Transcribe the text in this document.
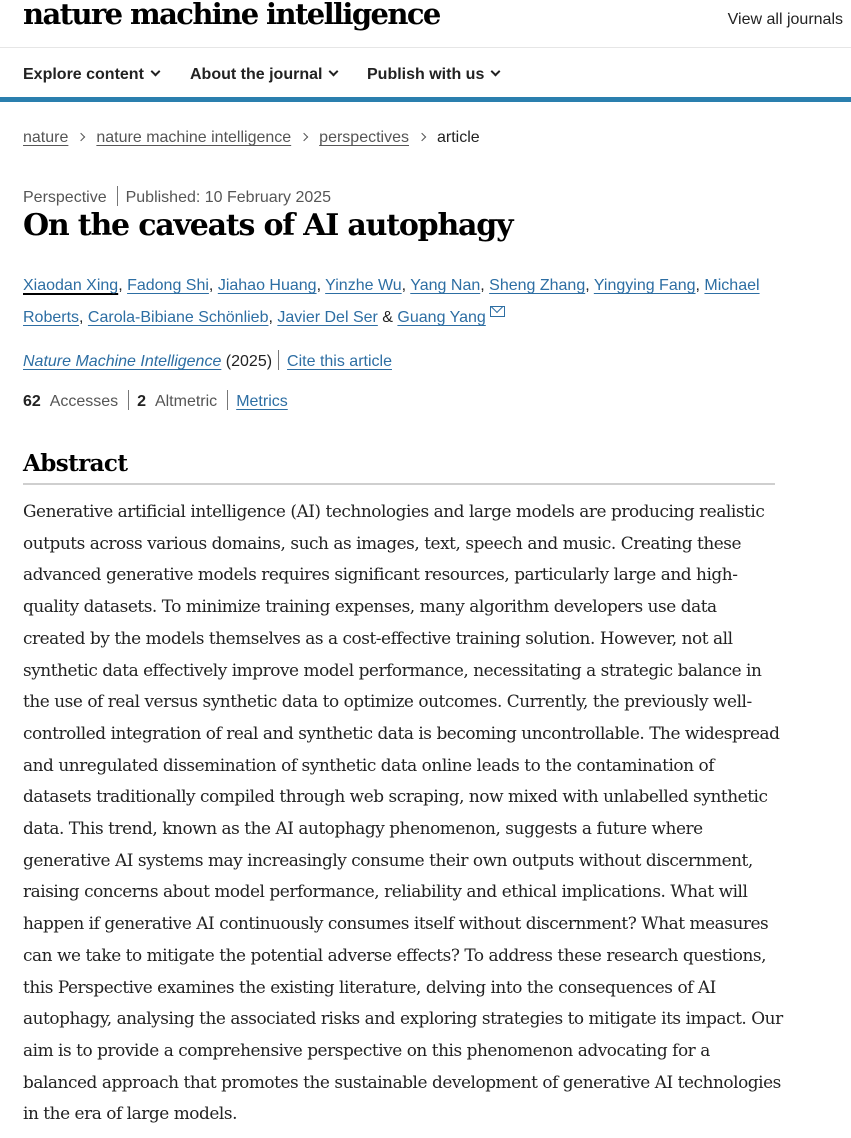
nature machine intelligence	View all journals
Explore content	About the journal	Publish with us
nature nature machine intelligence perspectives article
Perspective Published: 10 February 2025
On the caveats of AI autophagy
Xiaodan Xing, Fadong Shi, Jiahao Huang, Yinzhe Wu, Yang Nan, Sheng Zhang, Yingying Fang, Michael Roberts, Carola-Bibiane Schönlieb, Javier Del Ser & Guang Yang
Nature Machine Intelligence (2025) Cite this article
62 Accesses 2 Altmetric Metrics
Abstract

Generative artificial intelligence (AI) technologies and large models are producing realistic outputs across various domains, such as images, text, speech and music. Creating these advanced generative models requires significant resources, particularly large and high-quality datasets. To minimize training expenses, many algorithm developers use data created by the models themselves as a cost-effective training solution. However, not all synthetic data effectively improve model performance, necessitating a strategic balance in the use of real versus synthetic data to optimize outcomes. Currently, the previously well-controlled integration of real and synthetic data is becoming uncontrollable. The widespread and unregulated dissemination of synthetic data online leads to the contamination of datasets traditionally compiled through web scraping, now mixed with unlabelled synthetic data. This trend, known as the AI autophagy phenomenon, suggests a future where generative AI systems may increasingly consume their own outputs without discernment, raising concerns about model performance, reliability and ethical implications. What will happen if generative AI continuously consumes itself without discernment? What measures can we take to mitigate the potential adverse effects? To address these research questions, this Perspective examines the existing literature, delving into the consequences of AI autophagy, analysing the associated risks and exploring strategies to mitigate its impact. Our aim is to provide a comprehensive perspective on this phenomenon advocating for a balanced approach that promotes the sustainable development of generative AI technologies in the era of large models.
